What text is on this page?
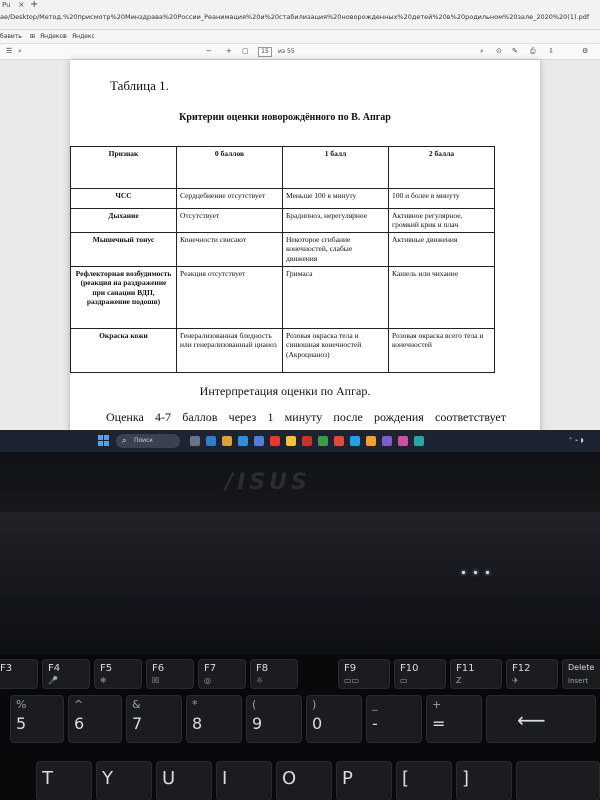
Pu × +
ae/Desktop/Метод.%20присмотр%20Минздрава%20России_Реанимация%20и%20стабилизация%20новорожденных%20детей%20в%20родильном%20зале_2020%20(1).pdf
бавить ⊞ Яндекс ⊕ Яндекс
☰ ⌕	− + ▢	15	из 55	⌕ ⊙ ✎ ⎙ ⇩	⚙
Таблица 1.
Критерии оценки новорождённого по В. Апгар
Признак	0 баллов	1 балл	2 балла
ЧСС	Сердцебиение отсутствует	Меньше 100 в минуту	100 и более в минуту
Дыхание	Отсутствует	Брадипноэ, нерегулярное	Активное регулярное, громкий крик и плач
Мышечный тонус	Конечности свисают	Некоторое сгибание конечностей, слабые движения	Активные движения
Рефлекторная возбудимость (реакция на раздражение при санации ВДП, раздражение подошв)	Реакция отсутствует	Гримаса	Кашель или чихание
Окраска кожи	Генерализованная бледность или генерализованный цианоз	Розовая окраска тела и синюшная конечностей (Акроцианоз)	Розовая окраска всего тела и конечностей
Интерпретация оценки по Апгар.
Оценка 4-7 баллов через 1 минуту после рождения соответствует
⌕ Поиск	⌃ ⌁ ◗
/ISUS
F3	F4
🎤
F5
❄
F6
☒
F7
◎
F8
☼
F9
▭▭
F10
▭
F11
Z
F12
✈
Delete
Insert
%
5
^
6
&
7
*
8
(
9
)
0
_
-
+
=	⟵
T	Y	U	I	O	P	[	]
